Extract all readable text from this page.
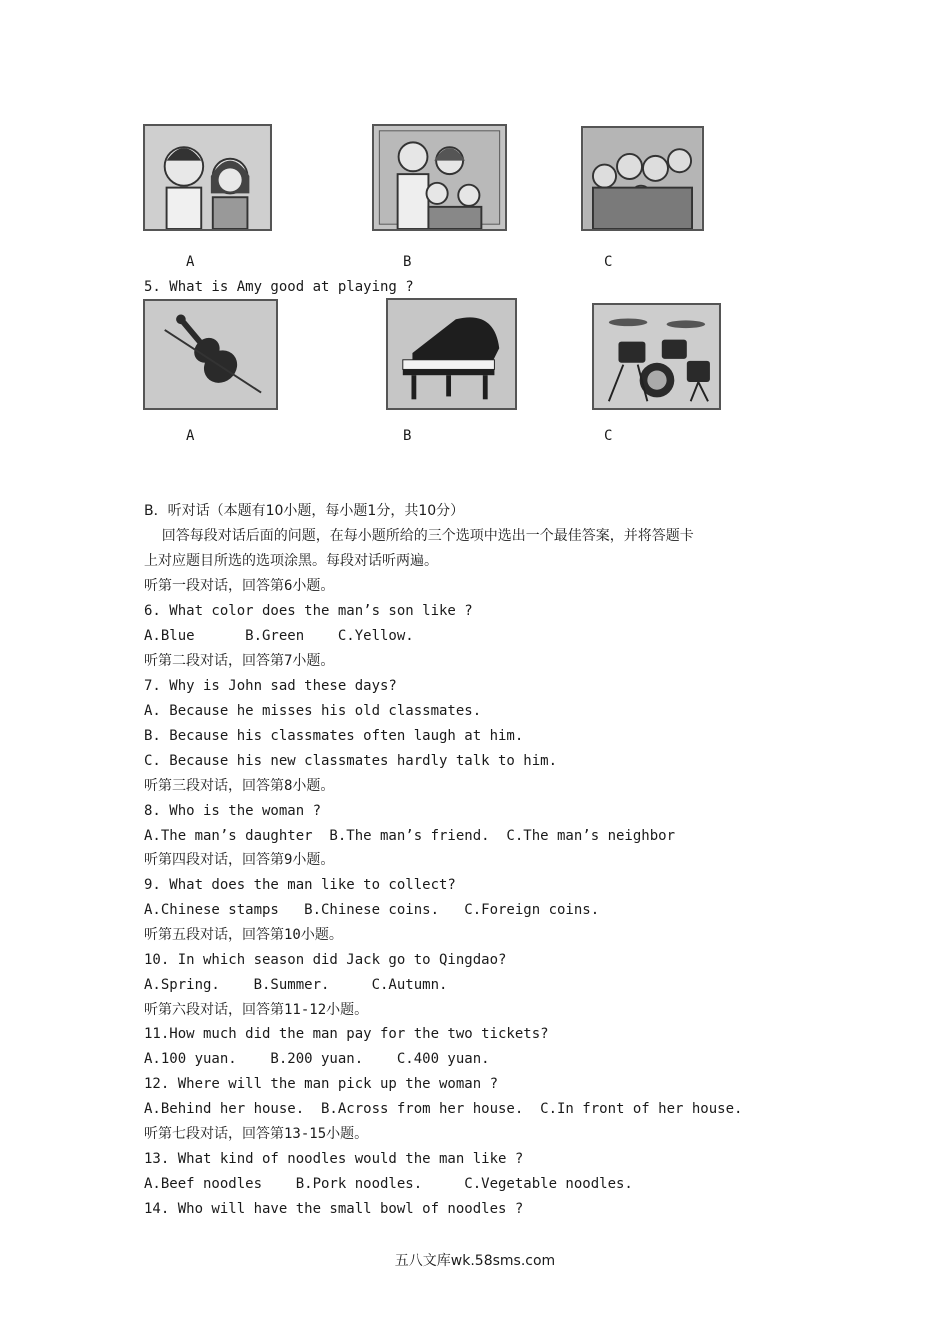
A	B	C
5. What is Amy good at playing ?
A	B	C
B．听对话（本题有10小题，每小题1分，共10分）
回答每段对话后面的问题，在每小题所给的三个选项中选出一个最佳答案，并将答题卡
上对应题目所选的选项涂黑。每段对话听两遍。
听第一段对话，回答第6小题。
6. What color does the man’s son like ?
A.Blue      B.Green    C.Yellow.
听第二段对话，回答第7小题。
7. Why is John sad these days?
A. Because he misses his old classmates.
B. Because his classmates often laugh at him.
C. Because his new classmates hardly talk to him.
听第三段对话，回答第8小题。
8. Who is the woman ?
A.The man’s daughter  B.The man’s friend.  C.The man’s neighbor
听第四段对话，回答第9小题。
9. What does the man like to collect?
A.Chinese stamps   B.Chinese coins.   C.Foreign coins.
听第五段对话，回答第10小题。
10. In which season did Jack go to Qingdao?
A.Spring.    B.Summer.     C.Autumn.
听第六段对话，回答第11-12小题。
11.How much did the man pay for the two tickets?
A.100 yuan.    B.200 yuan.    C.400 yuan.
12. Where will the man pick up the woman ?
A.Behind her house.  B.Across from her house.  C.In front of her house.
听第七段对话，回答第13-15小题。
13. What kind of noodles would the man like ?
A.Beef noodles    B.Pork noodles.     C.Vegetable noodles.
14. Who will have the small bowl of noodles ?
五八文库wk.58sms.com
